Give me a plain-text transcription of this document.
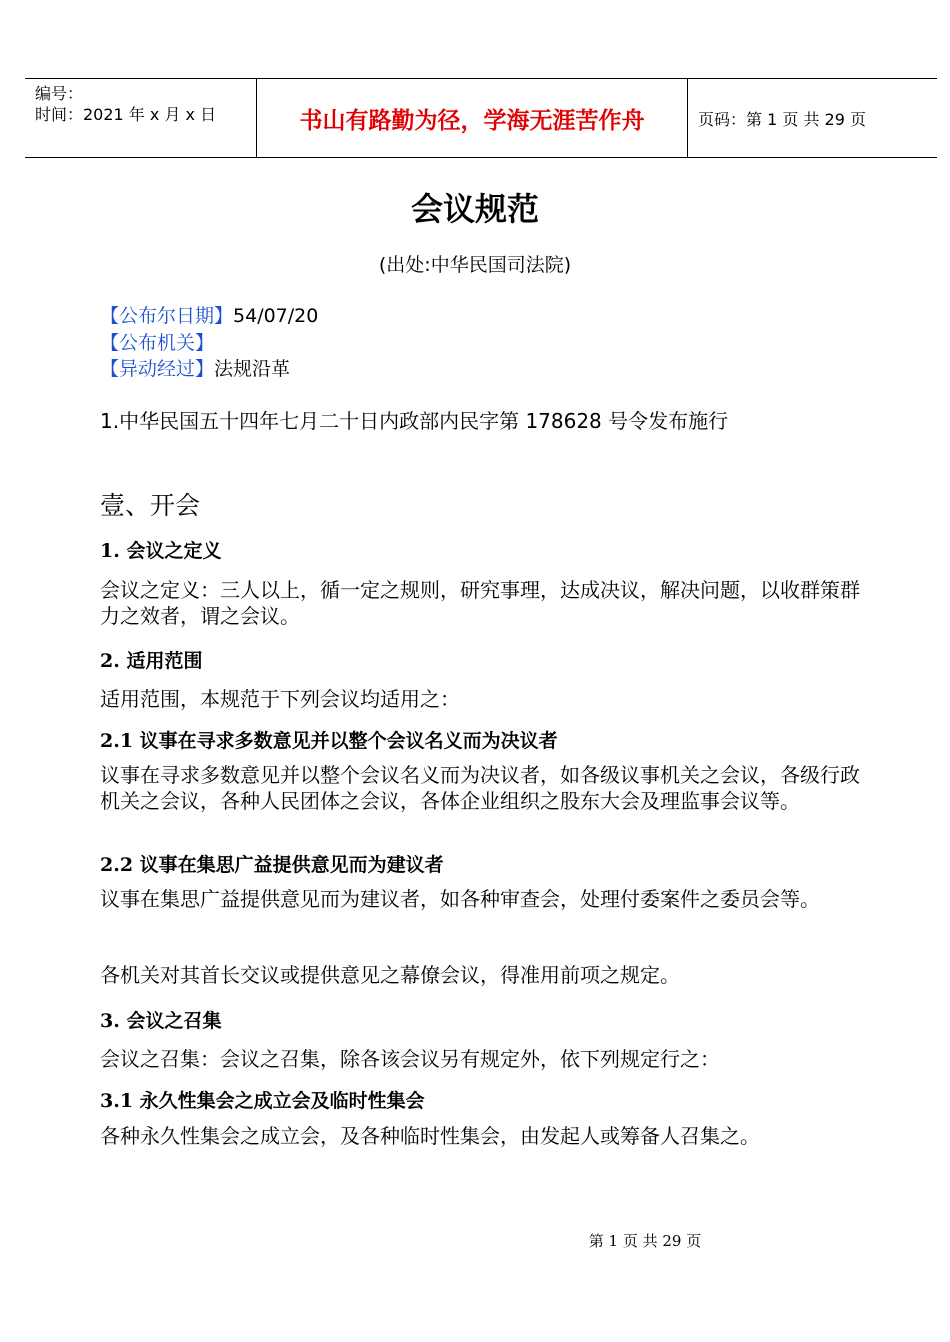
编号：
时间：2021 年 x 月 x 日	书山有路勤为径，学海无涯苦作舟	页码：第 1 页 共 29 页
会议规范
(出处:中华民国司法院)
【公布尔日期】54/07/20
【公布机关】
【异动经过】法规沿革
1.中华民国五十四年七月二十日内政部内民字第 178628 号令发布施行
壹、开会
1. 会议之定义
会议之定义：三人以上，循一定之规则，研究事理，达成决议，解决问题，以收群策群力之效者，谓之会议。
2. 适用范围
适用范围，本规范于下列会议均适用之：
2.1 议事在寻求多数意见并以整个会议名义而为决议者
议事在寻求多数意见并以整个会议名义而为决议者，如各级议事机关之会议，各级行政机关之会议，各种人民团体之会议，各体企业组织之股东大会及理监事会议等。
2.2 议事在集思广益提供意见而为建议者
议事在集思广益提供意见而为建议者，如各种审查会，处理付委案件之委员会等。
各机关对其首长交议或提供意见之幕僚会议，得准用前项之规定。
3. 会议之召集
会议之召集：会议之召集，除各该会议另有规定外，依下列规定行之：
3.1 永久性集会之成立会及临时性集会
各种永久性集会之成立会，及各种临时性集会，由发起人或筹备人召集之。
第 1 页 共 29 页
